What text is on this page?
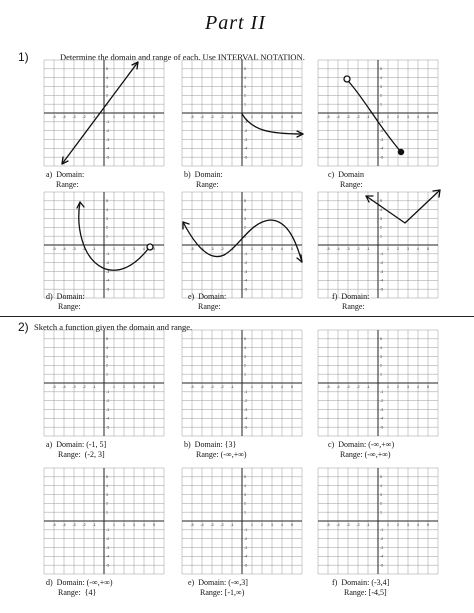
Part II
1)	Determine the domain and range of each. Use INTERVAL NOTATION.
-5 -4 -3 -2 -1	1 2 3 4 5
5
4
3
2
1
-1
-2
-3
-4
-5
-5 -4 -3 -2 -1	1 2 3 4 5
5
4
3
2
1
-1
-2
-3
-4
-5
-5 -4 -3 -2 -1	1 2 3 4 5
5
4
3
2
1
-1
-2
-3
-4
-5
-5 -4 -3 -2 -1	1 2 3 4 5
5
4
3
2
1
-1
-2
-3
-4
-5
-5 -4 -3 -2 -1	1 2 3 4 5
5
4
3
2
1
-1
-2
-3
-4
-5
-5 -4 -3 -2 -1	1 2 3 4 5
5
4
3
2
1
-1
-2
-3
-4
-5
-5 -4 -3 -2 -1	1 2 3 4 5
5
4
3
2
1
-1
-2
-3
-4
-5
-5 -4 -3 -2 -1	1 2 3 4 5
5
4
3
2
1
-1
-2
-3
-4
-5
-5 -4 -3 -2 -1	1 2 3 4 5
5
4
3
2
1
-1
-2
-3
-4
-5
-5 -4 -3 -2 -1	1 2 3 4 5
5
4
3
2
1
-1
-2
-3
-4
-5
-5 -4 -3 -2 -1	1 2 3 4 5
5
4
3
2
1
-1
-2
-3
-4
-5
-5 -4 -3 -2 -1	1 2 3 4 5
5
4
3
2
1
-1
-2
-3
-4
-5
a) Domain:
Range:
b) Domain:
Range:
c) Domain
Range:
d) Domain:
Range:
e) Domain:
Range:
f) Domain:
Range:
2) Sketch a function given the domain and range.
a) Domain: (-1, 5]
Range: (-2, 3]
b) Domain: {3}
Range: (-∞,+∞)
c) Domain: (-∞,+∞)
Range: (-∞,+∞)
d) Domain: (-∞,+∞)
Range: {4}
e) Domain: (-∞,3]
Range: [-1,∞)
f) Domain: (-3,4]
Range: [-4,5]
